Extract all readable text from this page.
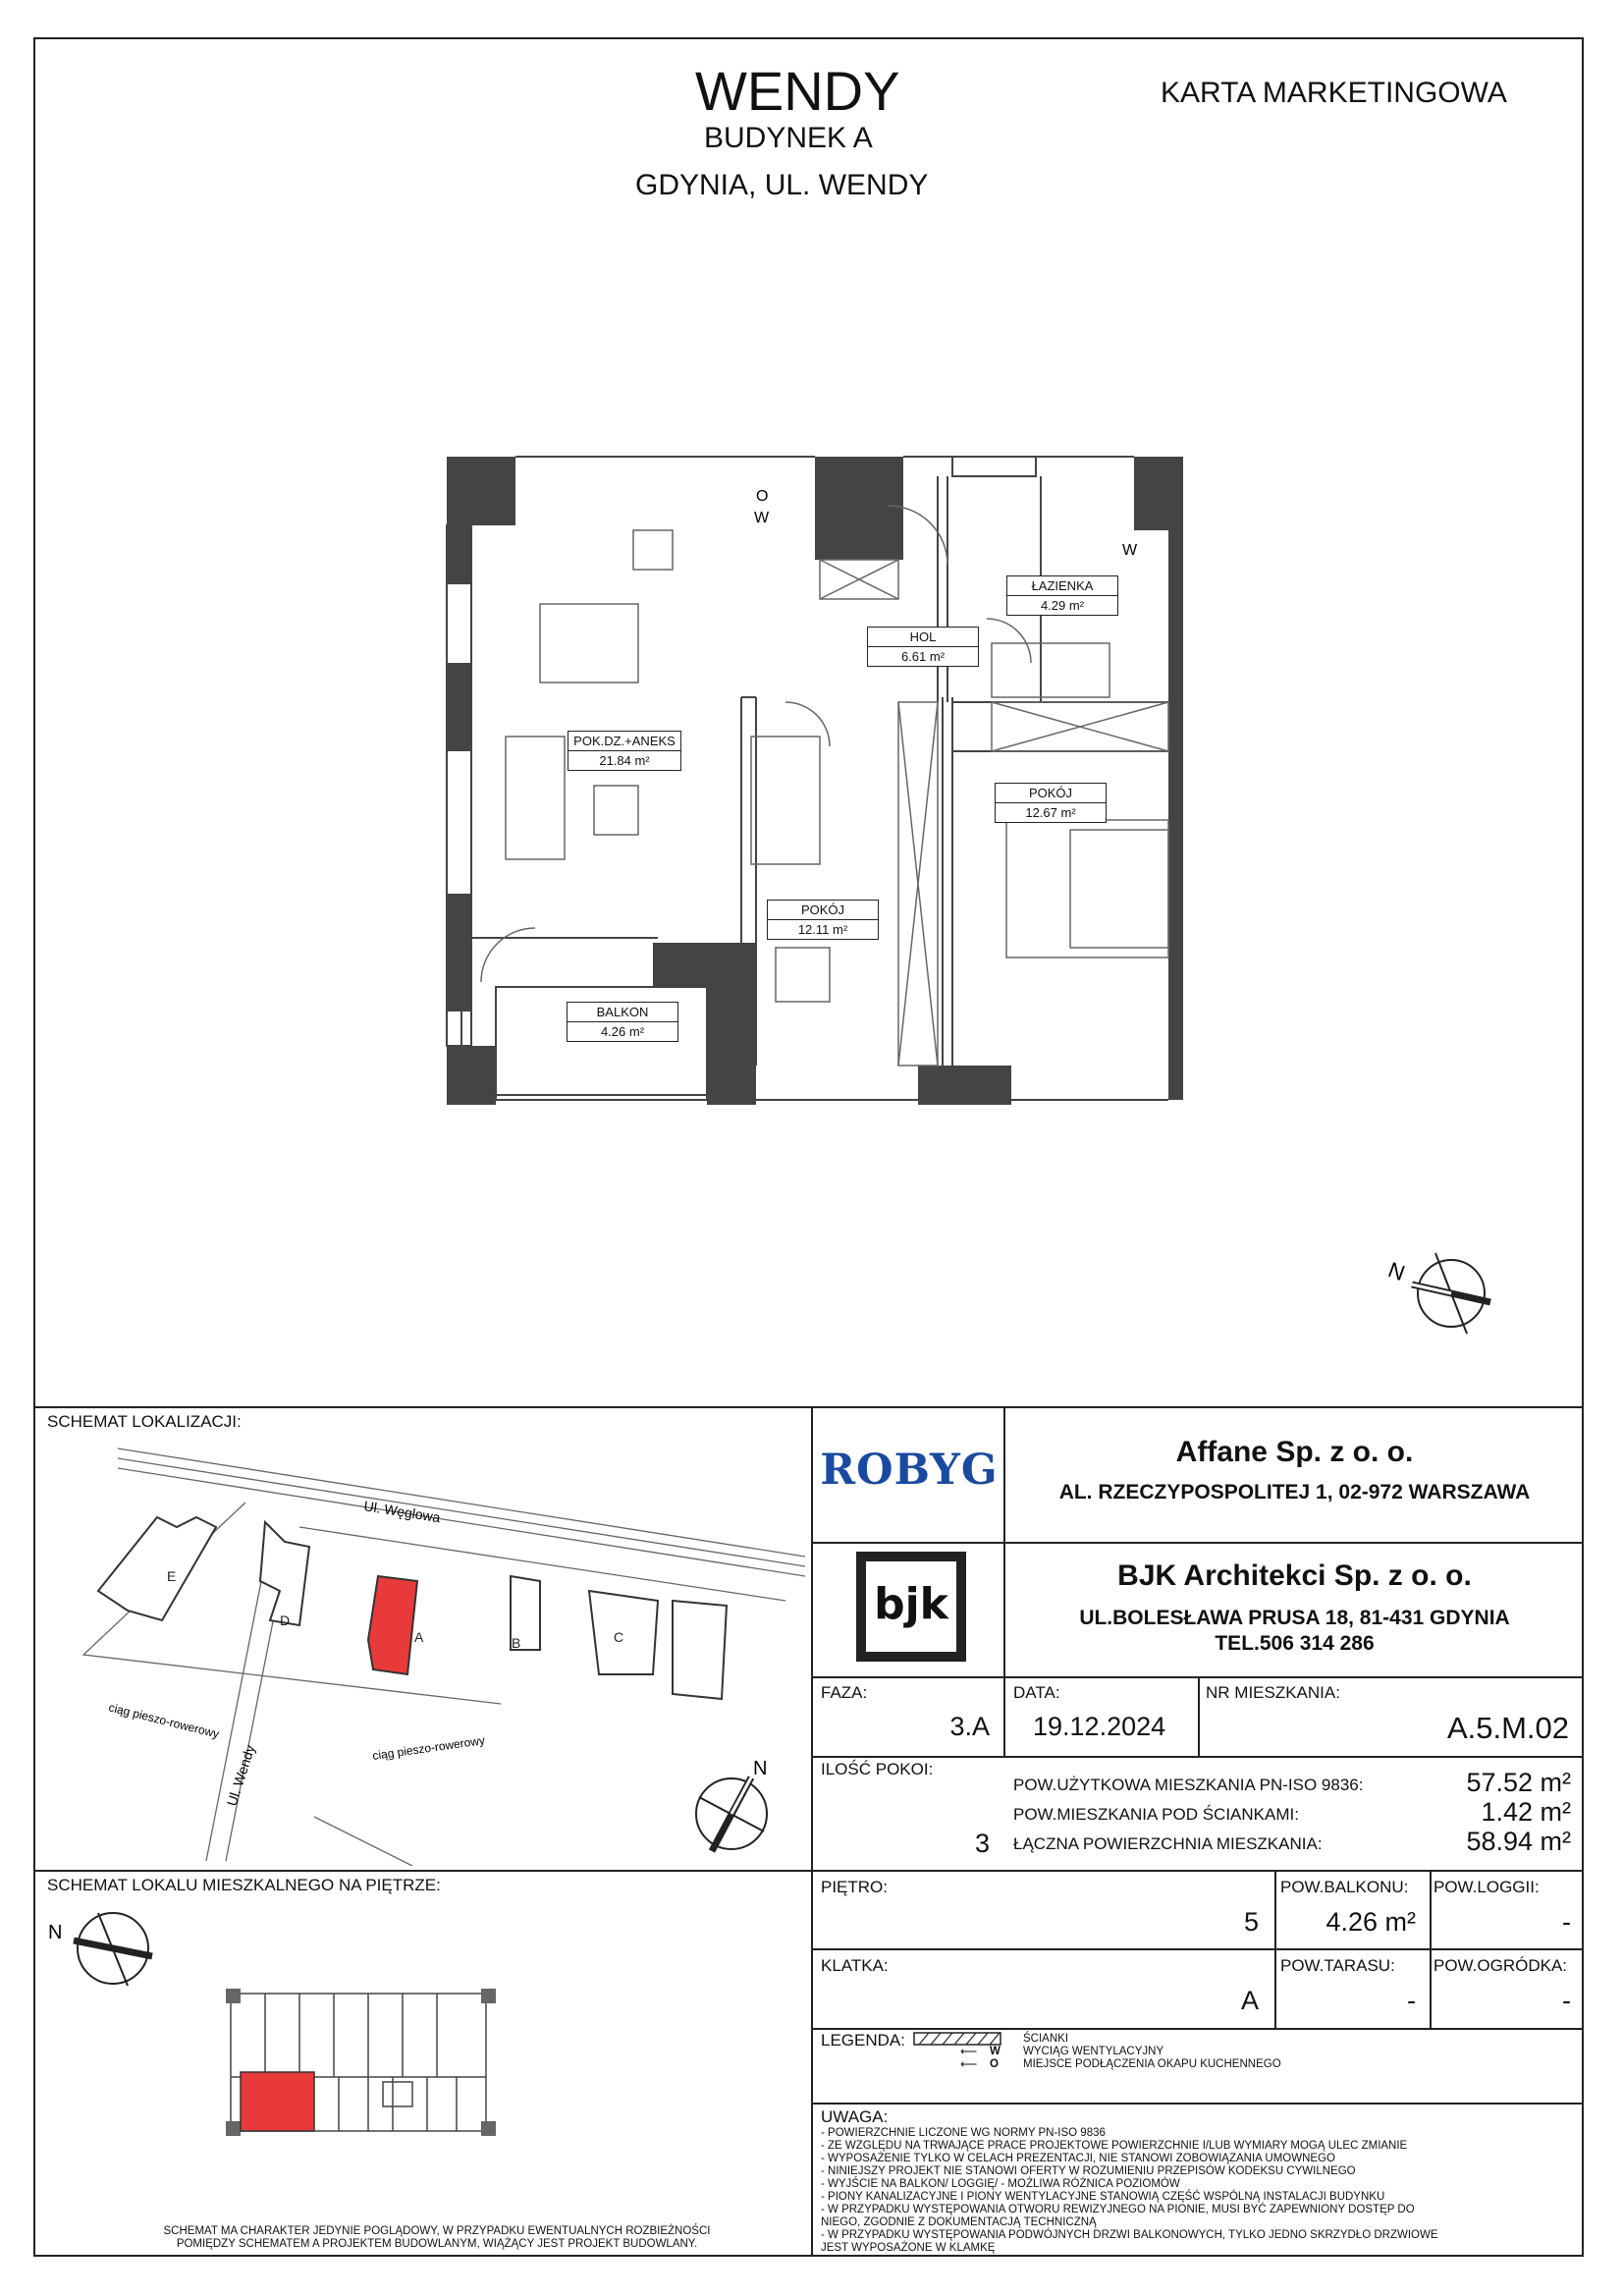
WENDY
BUDYNEK A
GDYNIA, UL. WENDY
KARTA MARKETINGOWA
O
W
W
POK.DZ.+ANEKS
21.84 m²
HOL
6.61 m²
ŁAZIENKA
4.29 m²
POKÓJ
12.67 m²
POKÓJ
12.11 m²
BALKON
4.26 m²
N
SCHEMAT LOKALIZACJI:
E
D
A	B	C
Ul. Węglowa
Ul. Wendy
ciąg pieszo-rowerowy
ciąg pieszo-rowerowy
N
SCHEMAT LOKALU MIESZKALNEGO NA PIĘTRZE:
N
SCHEMAT MA CHARAKTER JEDYNIE POGLĄDOWY, W PRZYPADKU EWENTUALNYCH ROZBIEŻNOŚCI POMIĘDZY SCHEMATEM A PROJEKTEM BUDOWLANYM, WIĄŻĄCY JEST PROJEKT BUDOWLANY.
ROBYG	Affane Sp. z o. o.
AL. RZECZYPOSPOLITEJ 1, 02-972 WARSZAWA
bjk
BJK Architekci Sp. z o. o.
UL.BOLESŁAWA PRUSA 18, 81-431 GDYNIA
TEL.506 314 286
FAZA:
3.A
DATA:
19.12.2024
NR MIESZKANIA:
A.5.M.02
ILOŚĆ POKOI:
3
POW.UŻYTKOWA MIESZKANIA PN-ISO 9836:	57.52 m²
POW.MIESZKANIA POD ŚCIANKAMI:	1.42 m²
ŁĄCZNA POWIERZCHNIA MIESZKANIA:	58.94 m²
PIĘTRO:
5
POW.BALKONU:
4.26 m²
POW.LOGGII:
-
KLATKA:
A
POW.TARASU:
-
POW.OGRÓDKA:
-
LEGENDA:	ŚCIANKI
⟵ W WYCIĄG WENTYLACYJNY
⟵ O MIEJSCE PODŁĄCZENIA OKAPU KUCHENNEGO
UWAGA:
- POWIERZCHNIE LICZONE WG NORMY PN-ISO 9836
- ZE WZGLĘDU NA TRWAJĄCE PRACE PROJEKTOWE POWIERZCHNIE I/LUB WYMIARY MOGĄ ULEC ZMIANIE
- WYPOSAŻENIE TYLKO W CELACH PREZENTACJI, NIE STANOWI ZOBOWIĄZANIA UMOWNEGO
- NINIEJSZY PROJEKT NIE STANOWI OFERTY W ROZUMIENIU PRZEPISÓW KODEKSU CYWILNEGO
- WYJŚCIE NA BALKON/ LOGGIĘ/ - MOŻLIWA RÓŻNICA POZIOMÓW
- PIONY KANALIZACYJNE I PIONY WENTYLACYJNE STANOWIĄ CZĘŚĆ WSPÓLNĄ INSTALACJI BUDYNKU
- W PRZYPADKU WYSTĘPOWANIA OTWORU REWIZYJNEGO NA PIONIE, MUSI BYĆ ZAPEWNIONY DOSTĘP DO NIEGO, ZGODNIE Z DOKUMENTACJĄ TECHNICZNĄ
- W PRZYPADKU WYSTĘPOWANIA PODWÓJNYCH DRZWI BALKONOWYCH, TYLKO JEDNO SKRZYDŁO DRZWIOWE JEST WYPOSAŻONE W KLAMKĘ
